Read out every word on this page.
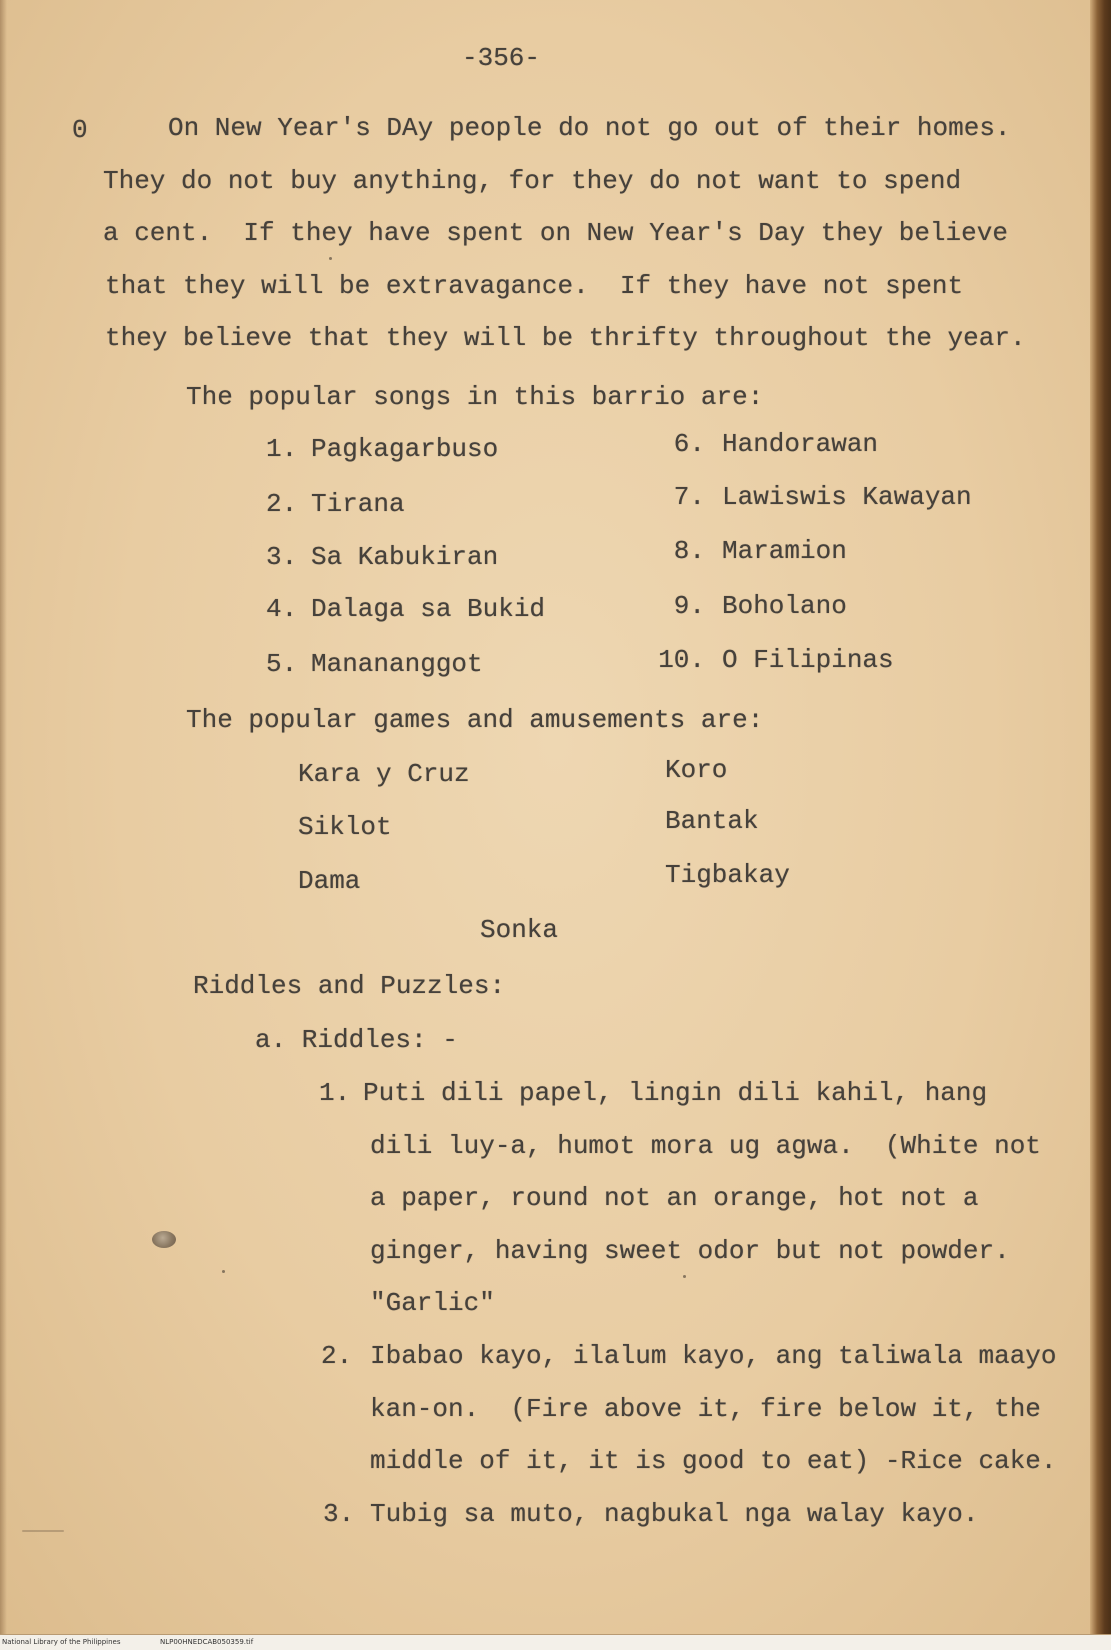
-356-
0	On New Year's DAy people do not go out of their homes.
They do not buy anything, for they do not want to spend
a cent.  If they have spent on New Year's Day they believe
that they will be extravagance.  If they have not spent
they believe that they will be thrifty throughout the year.
The popular songs in this barrio are:
1. Pagkagarbuso
2. Tirana
3. Sa Kabukiran
4. Dalaga sa Bukid
5. Manananggot
6. Handorawan
7. Lawiswis Kawayan
8. Maramion
9. Boholano
10. O Filipinas
The popular games and amusements are:
Kara y Cruz	Koro
Siklot	Bantak
Dama	Tigbakay
Sonka
Riddles and Puzzles:
a. Riddles: -
1. Puti dili papel, lingin dili kahil, hang
dili luy-a, humot mora ug agwa.  (White not
a paper, round not an orange, hot not a
ginger, having sweet odor but not powder.
"Garlic"
2. Ibabao kayo, ilalum kayo, ang taliwala maayo
kan-on.  (Fire above it, fire below it, the
middle of it, it is good to eat) -Rice cake.
3. Tubig sa muto, nagbukal nga walay kayo.
National Library of the Philippines	NLP00HNEDCAB050359.tif
